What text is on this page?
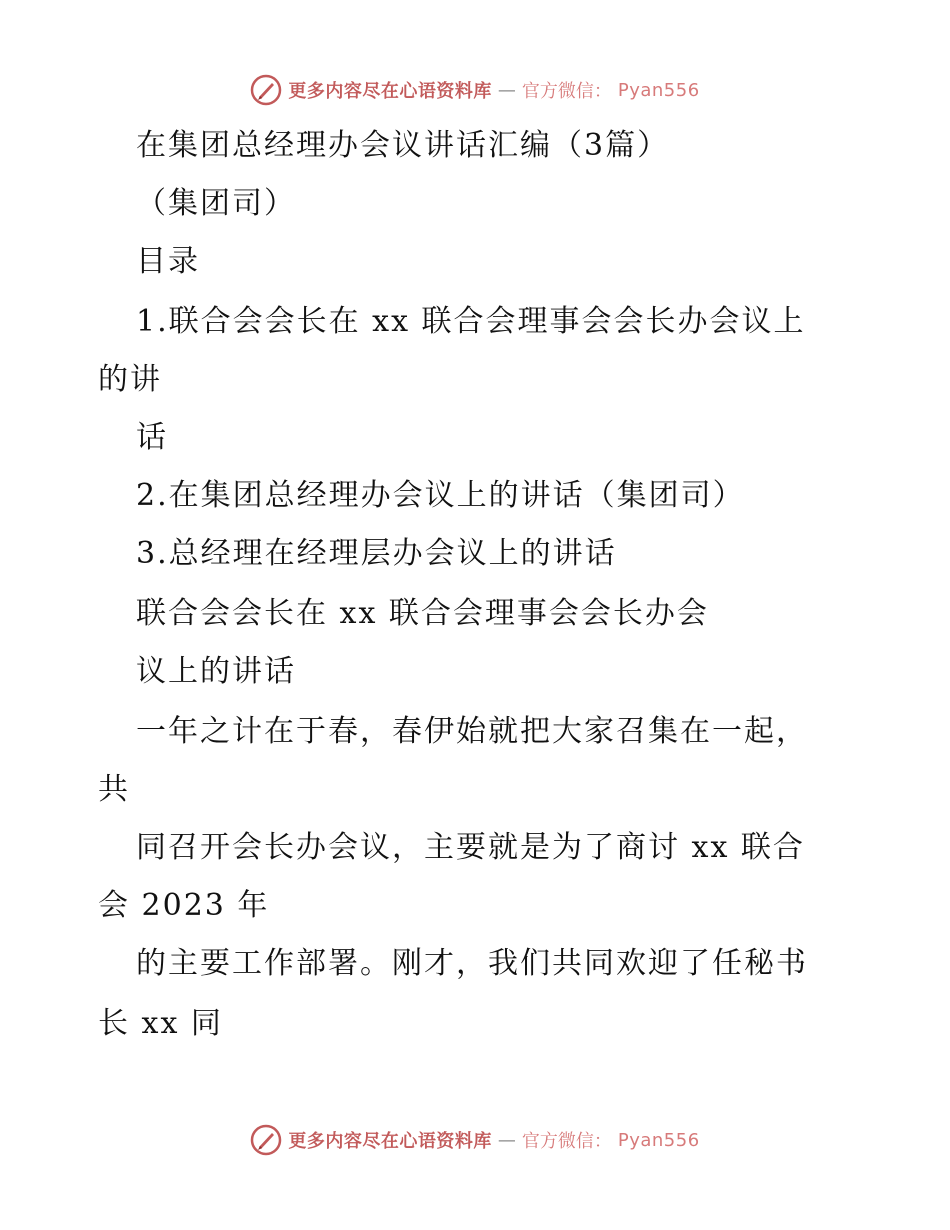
更多内容尽在心语资料库 — 官方微信： Pyan556
在集团总经理办会议讲话汇编（3篇）
（集团司）
目录
1.联合会会长在 xx 联合会理事会会长办会议上
的讲
话
2.在集团总经理办会议上的讲话（集团司）
3.总经理在经理层办会议上的讲话
联合会会长在 xx 联合会理事会会长办会
议上的讲话
一年之计在于春，春伊始就把大家召集在一起，
共
同召开会长办会议，主要就是为了商讨 xx 联合
会 2023 年
的主要工作部署。刚才，我们共同欢迎了任秘书
长 xx 同
更多内容尽在心语资料库 — 官方微信： Pyan556
